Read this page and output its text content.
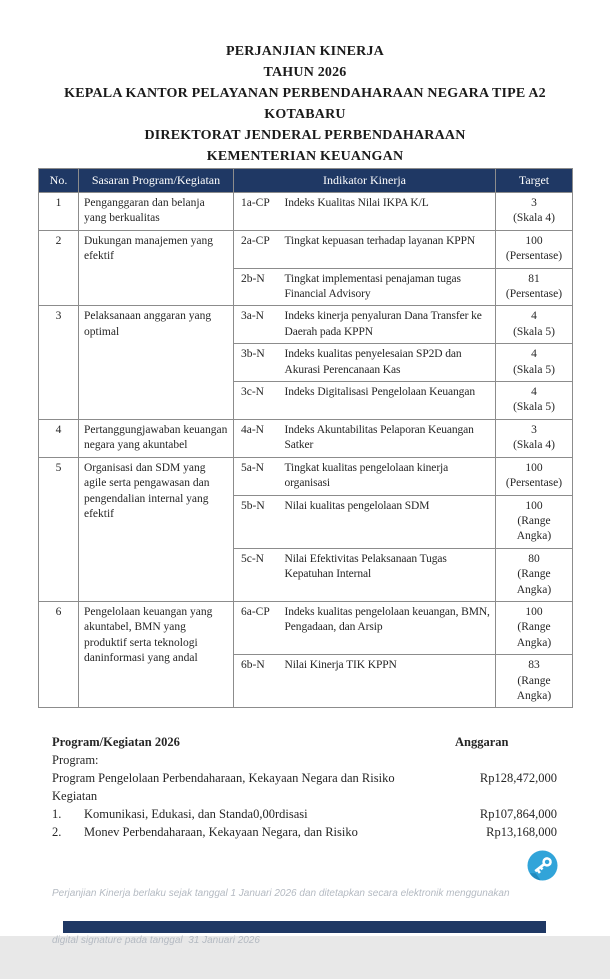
PERJANJIAN KINERJA
TAHUN 2026
KEPALA KANTOR PELAYANAN PERBENDAHARAAN NEGARA TIPE A2
KOTABARU
DIREKTORAT JENDERAL PERBENDAHARAAN
KEMENTERIAN KEUANGAN
No.	Sasaran Program/Kegiatan	Indikator Kinerja		Target
1	Penganggaran dan belanja yang berkualitas	1a-CP	Indeks Kualitas Nilai IKPA K/L	3
(Skala 4)

2	Dukungan manajemen yang efektif	2a-CP	Tingkat kepuasan terhadap layanan KPPN	100
(Persentase)

		2b-N	Tingkat implementasi penajaman tugas Financial Advisory	81
(Persentase)

3	Pelaksanaan anggaran yang optimal	3a-N	Indeks kinerja penyaluran Dana Transfer ke Daerah pada KPPN	4
(Skala 5)

		3b-N	Indeks kualitas penyelesaian SP2D dan Akurasi Perencanaan Kas	4
(Skala 5)

		3c-N	Indeks Digitalisasi Pengelolaan Keuangan	4
(Skala 5)

4	Pertanggungjawaban keuangan negara yang akuntabel	4a-N	Indeks Akuntabilitas Pelaporan Keuangan Satker	3
(Skala 4)

5	Organisasi dan SDM yang agile serta pengawasan dan pengendalian internal yang efektif	5a-N	Tingkat kualitas pengelolaan kinerja organisasi	100
(Persentase)

		5b-N	Nilai kualitas pengelolaan SDM	100
(Range Angka)

		5c-N	Nilai Efektivitas Pelaksanaan Tugas Kepatuhan Internal	80
(Range Angka)

6	Pengelolaan keuangan yang akuntabel, BMN yang produktif serta teknologi daninformasi yang andal	6a-CP	Indeks kualitas pengelolaan keuangan, BMN, Pengadaan, dan Arsip	100
(Range Angka)

		6b-N	Nilai Kinerja TIK KPPN	83
(Range Angka)
Program/Kegiatan 2026	Anggaran
Program:
Program Pengelolaan Perbendaharaan, Kekayaan Negara dan Risiko	Rp128,472,000
Kegiatan
1.	Komunikasi, Edukasi, dan Standa0,00rdisasi	Rp107,864,000
2.	Monev Perbendaharaan, Kekayaan Negara, dan Risiko	Rp13,168,000

Perjanjian Kinerja berlaku sejak tanggal 1 Januari 2026 dan ditetapkan secara elektronik menggunakan

digital signature pada tanggal  31 Januari 2026
